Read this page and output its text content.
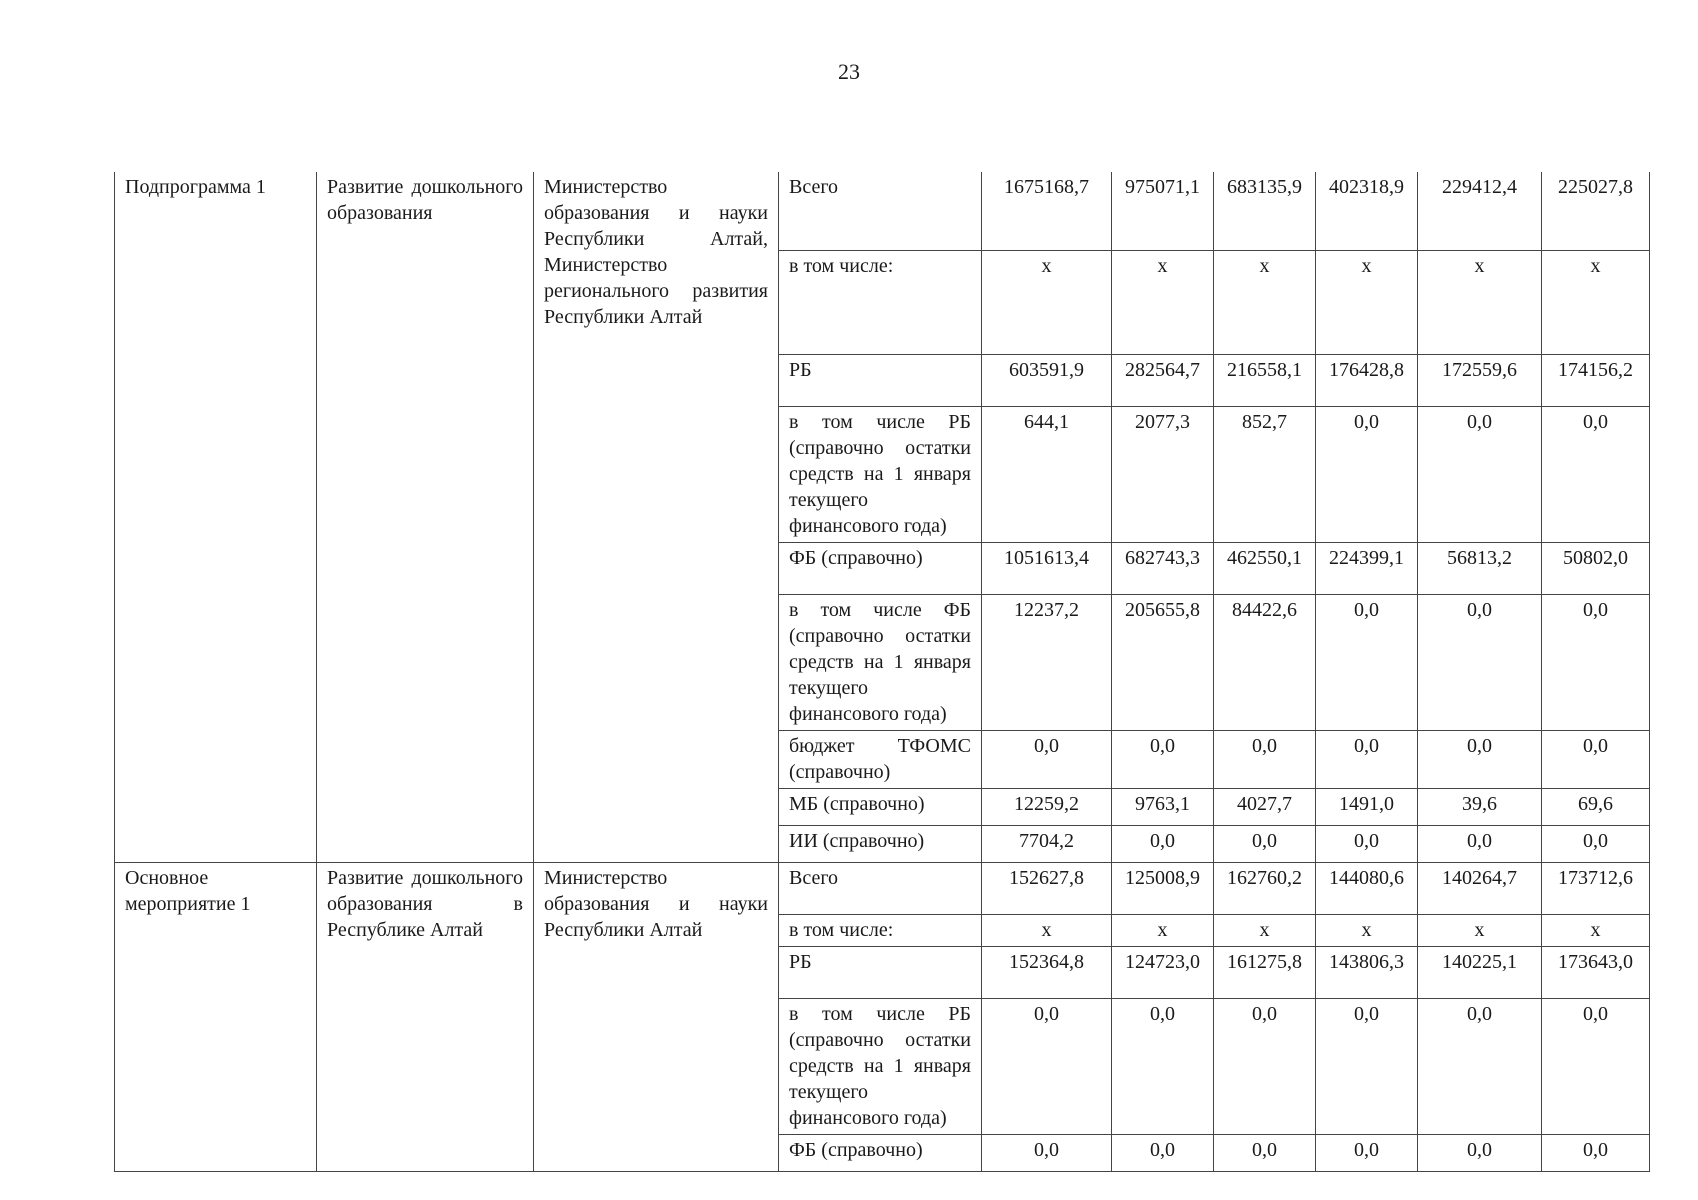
23
Подпрограмма 1	Развитие дошкольного образования	Министерство образования и науки Республики Алтай, Министерство регионального развития Республики Алтай	Всего	1675168,7	975071,1	683135,9	402318,9	229412,4	225027,8
			в том числе:	x	x	x	x	x	x
			РБ	603591,9	282564,7	216558,1	176428,8	172559,6	174156,2
			в том числе РБ (справочно остатки средств на 1 января текущего финансового года)	644,1	2077,3	852,7	0,0	0,0	0,0
			ФБ (справочно)	1051613,4	682743,3	462550,1	224399,1	56813,2	50802,0
			в том числе ФБ (справочно остатки средств на 1 января текущего финансового года)	12237,2	205655,8	84422,6	0,0	0,0	0,0
			бюджет ТФОМС (справочно)	0,0	0,0	0,0	0,0	0,0	0,0
			МБ (справочно)	12259,2	9763,1	4027,7	1491,0	39,6	69,6
			ИИ (справочно)	7704,2	0,0	0,0	0,0	0,0	0,0
Основное мероприятие 1	Развитие дошкольного образования в Республике Алтай	Министерство образования и науки Республики Алтай	Всего	152627,8	125008,9	162760,2	144080,6	140264,7	173712,6
			в том числе:	x	x	x	x	x	x
			РБ	152364,8	124723,0	161275,8	143806,3	140225,1	173643,0
			в том числе РБ (справочно остатки средств на 1 января текущего финансового года)	0,0	0,0	0,0	0,0	0,0	0,0
			ФБ (справочно)	0,0	0,0	0,0	0,0	0,0	0,0
